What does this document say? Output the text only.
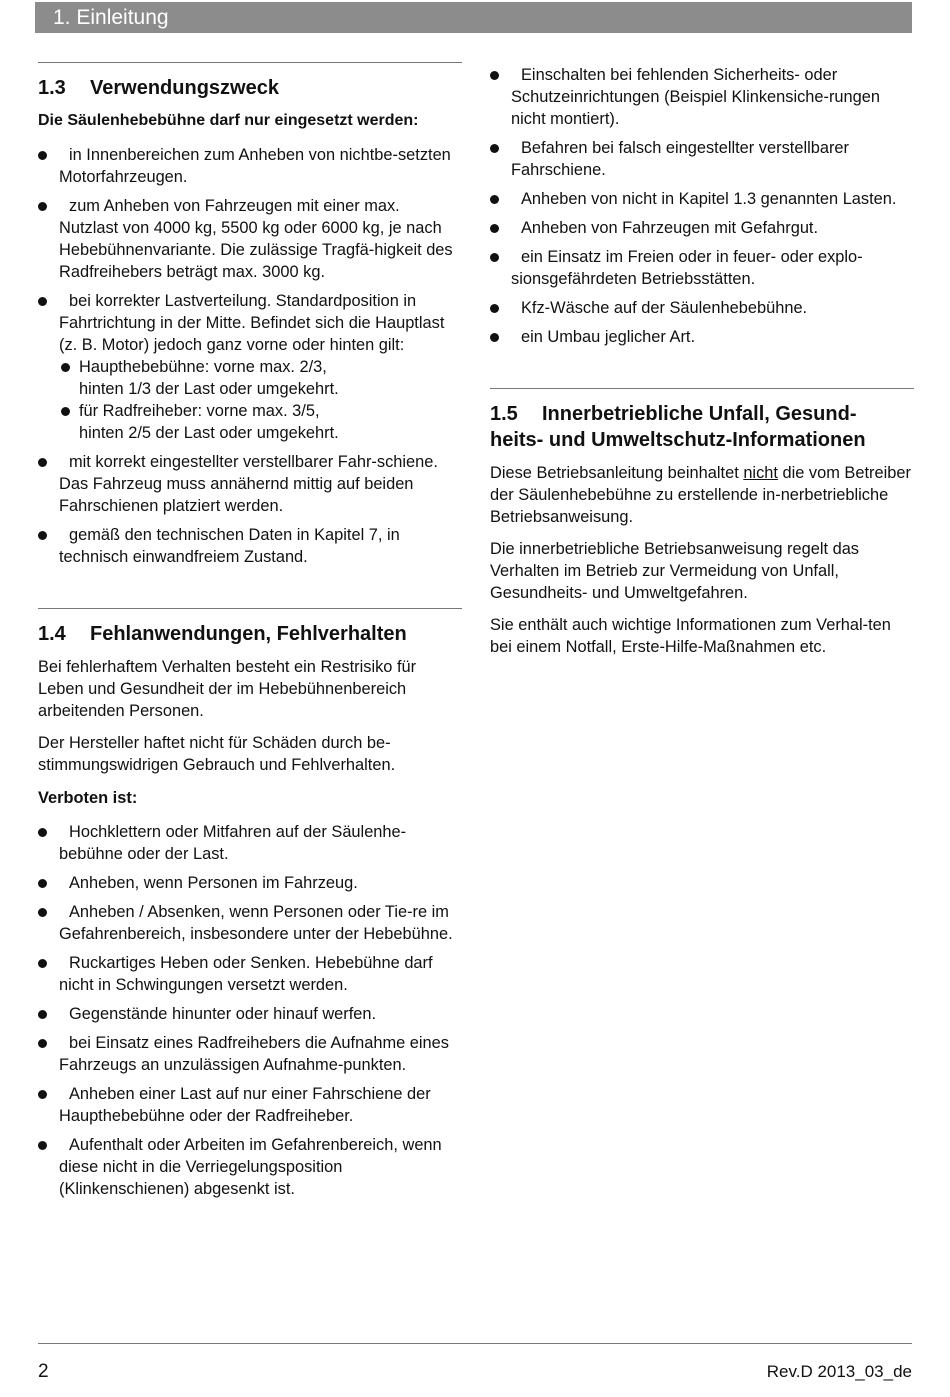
1. Einleitung
1.3 Verwendungszweck

Die Säulenhebebühne darf nur eingesetzt werden:

in Innenbereichen zum Anheben von nichtbe-setzten Motorfahrzeugen.
zum Anheben von Fahrzeugen mit einer max. Nutzlast von 4000 kg, 5500 kg oder 6000 kg, je nach Hebebühnenvariante. Die zulässige Tragfä-higkeit des Radfreihebers beträgt max. 3000 kg.
bei korrekter Lastverteilung. Standardposition in Fahrtrichtung in der Mitte. Befindet sich die Hauptlast (z. B. Motor) jedoch ganz vorne oder hinten gilt:
Haupthebebühne: vorne max. 2/3,
hinten 1/3 der Last oder umgekehrt.
für Radfreiheber: vorne max. 3/5,
hinten 2/5 der Last oder umgekehrt.
mit korrekt eingestellter verstellbarer Fahr-schiene. Das Fahrzeug muss annähernd mittig auf beiden Fahrschienen platziert werden.
gemäß den technischen Daten in Kapitel 7, in technisch einwandfreiem Zustand.
1.4 Fehlanwendungen, Fehlverhalten

Bei fehlerhaftem Verhalten besteht ein Restrisiko für Leben und Gesundheit der im Hebebühnenbereich arbeitenden Personen.

Der Hersteller haftet nicht für Schäden durch be-stimmungswidrigen Gebrauch und Fehlverhalten.

Verboten ist:

Hochklettern oder Mitfahren auf der Säulenhe-bebühne oder der Last.
Anheben, wenn Personen im Fahrzeug.
Anheben / Absenken, wenn Personen oder Tie-re im Gefahrenbereich, insbesondere unter der Hebebühne.
Ruckartiges Heben oder Senken. Hebebühne darf nicht in Schwingungen versetzt werden.
Gegenstände hinunter oder hinauf werfen.
bei Einsatz eines Radfreihebers die Aufnahme eines Fahrzeugs an unzulässigen Aufnahme-punkten.
Anheben einer Last auf nur einer Fahrschiene der Haupthebebühne oder der Radfreiheber.
Aufenthalt oder Arbeiten im Gefahrenbereich, wenn diese nicht in die Verriegelungsposition (Klinkenschienen) abgesenkt ist.
Einschalten bei fehlenden Sicherheits- oder Schutzeinrichtungen (Beispiel Klinkensiche-rungen nicht montiert).
Befahren bei falsch eingestellter verstellbarer Fahrschiene.
Anheben von nicht in Kapitel 1.3 genannten Lasten.
Anheben von Fahrzeugen mit Gefahrgut.
ein Einsatz im Freien oder in feuer- oder explo-sionsgefährdeten Betriebsstätten.
Kfz-Wäsche auf der Säulenhebebühne.
ein Umbau jeglicher Art.
1.5 Innerbetriebliche Unfall, Gesund-
heits- und Umweltschutz-Informationen

Diese Betriebsanleitung beinhaltet nicht die vom Betreiber der Säulenhebebühne zu erstellende in-nerbetriebliche Betriebsanweisung.

Die innerbetriebliche Betriebsanweisung regelt das Verhalten im Betrieb zur Vermeidung von Unfall, Gesundheits- und Umweltgefahren.

Sie enthält auch wichtige Informationen zum Verhal-ten bei einem Notfall, Erste-Hilfe-Maßnahmen etc.

2	Rev.D 2013_03_de
